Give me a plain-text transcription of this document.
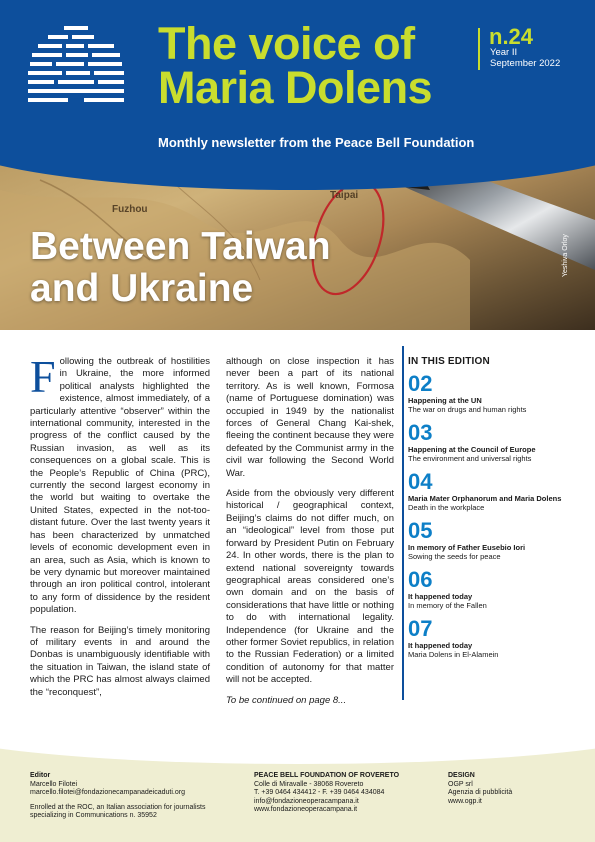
The voice of
Maria Dolens
n.24
Year II
September 2022
Monthly newsletter from the Peace Bell Foundation
Fuzhou
Taipai
Between Taiwan
and Ukraine
Yeshiva Orloy

Following the outbreak of hostilities in Ukraine, the more informed political analysts highlighted the existence, almost immediately, of a particularly attentive “observer” within the international community, interested in the progress of the conflict caused by the Russian invasion, as well as its consequences on a global scale. This is the People’s Republic of China (PRC), currently the second largest economy in the world but waiting to overtake the United States, expected in the not-too-distant future. Over the last twenty years it has been characterized by unmatched levels of economic development even in an area, such as Asia, which is known to be very dynamic but moreover maintained through an iron political control, intolerant to any form of dissidence by the resident population.

The reason for Beijing’s timely monitoring of military events in and around the Donbas is unambiguously identifiable with the situation in Taiwan, the island state of which the PRC has almost always claimed the “reconquest”,

although on close inspection it has never been a part of its national territory. As is well known, Formosa (name of Portuguese domination) was occupied in 1949 by the nationalist forces of General Chang Kai-shek, fleeing the continent because they were defeated by the Communist army in the civil war following the Second World War.

Aside from the obviously very different historical / geographical context, Beijing’s claims do not differ much, on an “ideological” level from those put forward by President Putin on February 24. In other words, there is the plan to extend national sovereignty towards geographical areas considered one’s own domain and on the basis of considerations that have little or nothing to do with international legality. Independence (for Ukraine and the other former Soviet republics, in relation to the Russian Federation) or a limited condition of autonomy for that matter will not be accepted.

To be continued on page 8...

IN THIS EDITION
02
Happening at the UN
The war on drugs and human rights
03
Happening at the Council of Europe
The environment and universal rights
04
Maria Mater Orphanorum and Maria Dolens
Death in the workplace
05
In memory of Father Eusebio Iori
Sowing the seeds for peace
06
It happened today
In memory of the Fallen
07
It happened today
Maria Dolens in El-Alamein
Editor
Marcello Filotei
marcello.filotei@fondazionecampanadeicaduti.org
Enrolled at the ROC, an Italian association for journalists specializing in Communications n. 35952
PEACE BELL FOUNDATION OF ROVERETO
Colle di Miravalle - 38068 Rovereto
T. +39 0464 434412 - F. +39 0464 434084
info@fondazioneoperacampana.it
www.fondazioneoperacampana.it
DESIGN
OGP srl
Agenzia di pubblicità
www.ogp.it
